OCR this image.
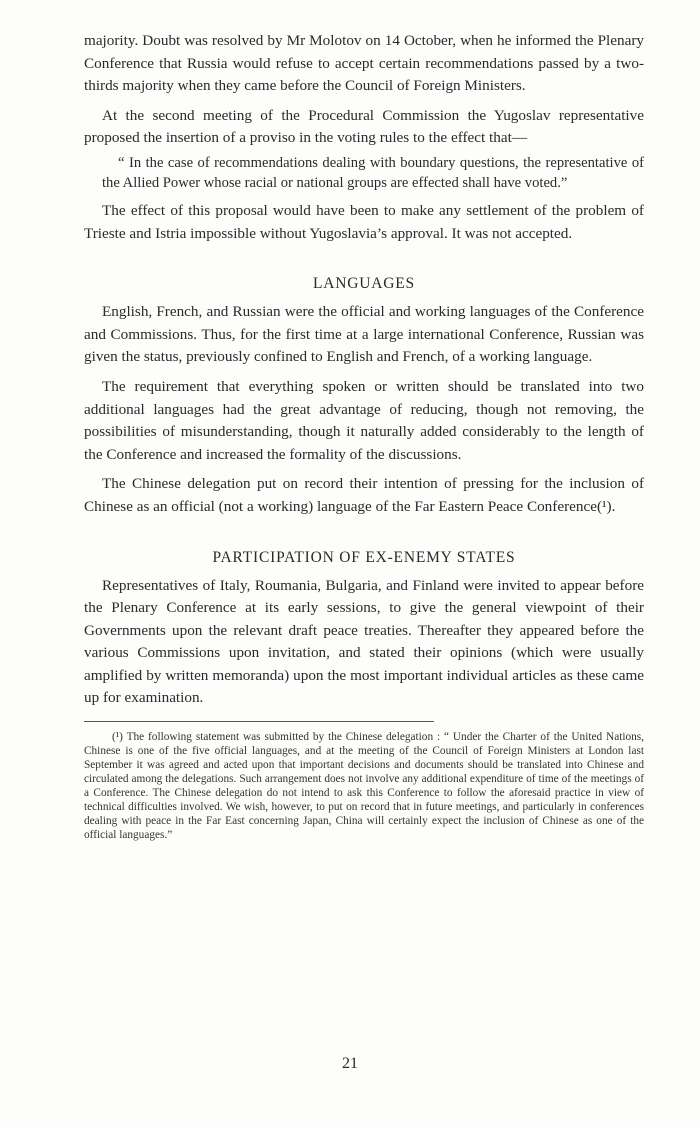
majority. Doubt was resolved by Mr Molotov on 14 October, when he informed the Plenary Conference that Russia would refuse to accept certain recommendations passed by a two-thirds majority when they came before the Council of Foreign Ministers.

At the second meeting of the Procedural Commission the Yugoslav representative proposed the insertion of a proviso in the voting rules to the effect that—

“ In the case of recommendations dealing with boundary questions, the representative of the Allied Power whose racial or national groups are effected shall have voted.”

The effect of this proposal would have been to make any settlement of the problem of Trieste and Istria impossible without Yugoslavia’s approval. It was not accepted.

LANGUAGES

English, French, and Russian were the official and working languages of the Conference and Commissions. Thus, for the first time at a large international Conference, Russian was given the status, previously confined to English and French, of a working language.

The requirement that everything spoken or written should be translated into two additional languages had the great advantage of reducing, though not removing, the possibilities of misunderstanding, though it naturally added considerably to the length of the Conference and increased the formality of the discussions.

The Chinese delegation put on record their intention of pressing for the inclusion of Chinese as an official (not a working) language of the Far Eastern Peace Conference(¹).

PARTICIPATION OF EX-ENEMY STATES

Representatives of Italy, Roumania, Bulgaria, and Finland were invited to appear before the Plenary Conference at its early sessions, to give the general viewpoint of their Governments upon the relevant draft peace treaties. Thereafter they appeared before the various Commissions upon invitation, and stated their opinions (which were usually amplified by written memoranda) upon the most important individual articles as these came up for examination.

(¹) The following statement was submitted by the Chinese delegation : “ Under the Charter of the United Nations, Chinese is one of the five official languages, and at the meeting of the Council of Foreign Ministers at London last September it was agreed and acted upon that important decisions and documents should be translated into Chinese and circulated among the delegations. Such arrangement does not involve any additional expenditure of time of the meetings of a Conference. The Chinese delegation do not intend to ask this Conference to follow the aforesaid practice in view of technical difficulties involved. We wish, however, to put on record that in future meetings, and particularly in conferences dealing with peace in the Far East concerning Japan, China will certainly expect the inclusion of Chinese as one of the official languages.”
21
